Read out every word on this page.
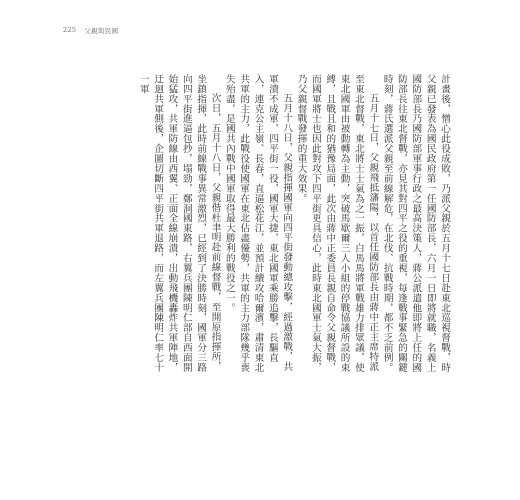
225 父親與民國

計畫後，憎心此役成敗，乃派父親於五月十七日赴東北巡視督戰，時父親已發表為國民政府第一任國防部長，六月一日即將就職，名義上國防部長乃國防部軍事行政之最高決策人，蔣公派遣他即將上任的國防部長往東北督戰，亦見其對四平之役的重視，每逢戰事緊急的關鍵時刻，蔣氏選派父親至前線解危，在北伐、抗戰時期，都不乏前例。

五月十七日，父親飛抵瀋陽，以首任國防部長由蔣中正主席特派至東北督戰，東北將士士氣為之一振，白馬馬將軍戰雄力排眾議，使東北國軍由被動轉為主動，突破馬歇爾三人小組的停戰協議所設的束縛，且戰且和的猶豫局面，此次由蔣中正委員長親自命令父親督戰，而國軍將士也因此對攻下四平街更具信心，此時東北國軍士氣大振，乃父親督戰發揮的重大效果。

五月十八日，父親指揮國軍向四平街發動總攻擊，經過激戰，共軍潰不成軍，四平街一役，國軍大捷，東北國軍乘勝追擊，長驅直入，連克公主嶺、長春，直逼松花江，並預計續攻哈爾濱，肅清東北共軍的主力，此戰役使國軍在東北佔盡優勢，共軍的主力部隊幾乎喪失殆盡，是國共內戰中國軍取得最大勝利的戰役之一。

次日，五月十八日，父親偕杜聿明赴前線督戰，至開原指揮所，坐鎮指揮，此時前線戰事異常激烈，已經到了決勝時刻，國軍分三路向四平街進逼包抄，塌勁，鄭洞國東路，右翼兵團陳明仁部自西面開始猛攻，共軍防線由西翼、正面全線崩潰，出動飛機轟炸共軍陣地，迂迴共軍側後，企圖切斷四平街共軍退路，而左翼兵團陳明仁率七十一軍
